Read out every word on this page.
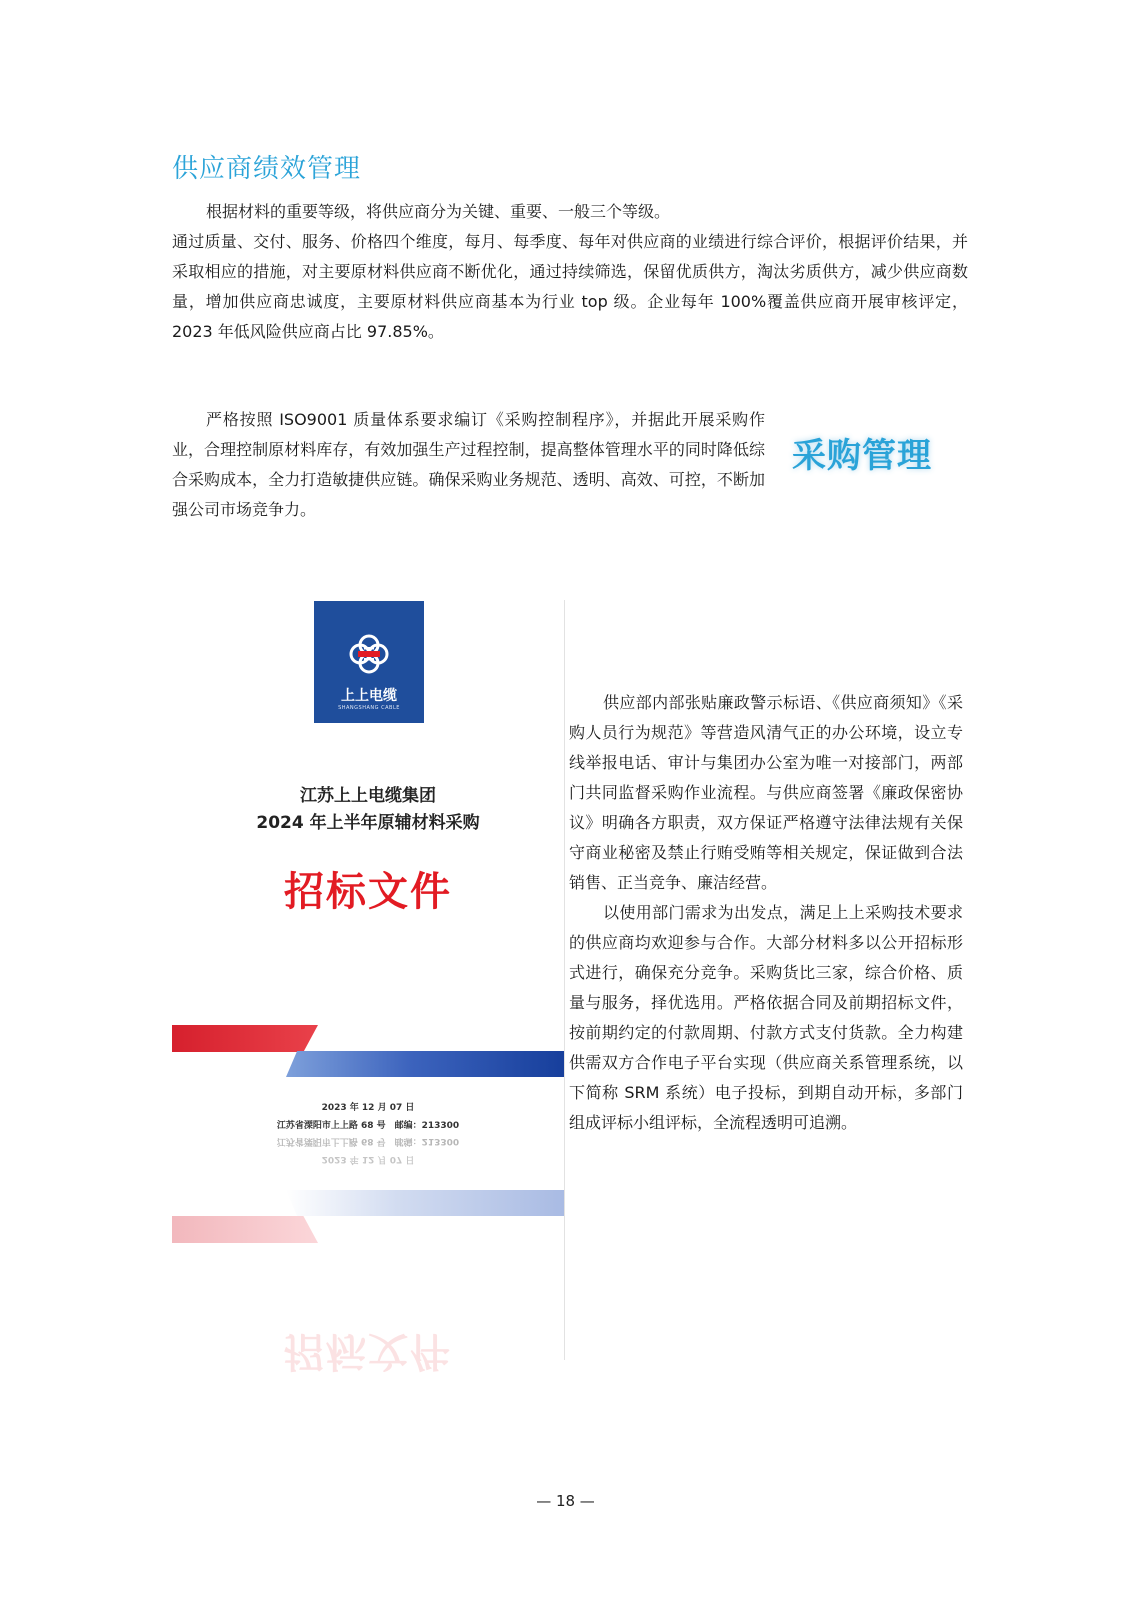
供应商绩效管理

根据材料的重要等级，将供应商分为关键、重要、一般三个等级。

通过质量、交付、服务、价格四个维度，每月、每季度、每年对供应商的业绩进行综合评价，根据评价结果，并采取相应的措施，对主要原材料供应商不断优化，通过持续筛选，保留优质供方，淘汰劣质供方，减少供应商数量，增加供应商忠诚度，主要原材料供应商基本为行业 top 级。企业每年 100%覆盖供应商开展审核评定，2023 年低风险供应商占比 97.85%。

严格按照 ISO9001 质量体系要求编订《采购控制程序》，并据此开展采购作业，合理控制原材料库存，有效加强生产过程控制，提高整体管理水平的同时降低综合采购成本，全力打造敏捷供应链。确保采购业务规范、透明、高效、可控，不断加强公司市场竞争力。

采购管理
上上电缆
SHANGSHANG CABLE

江苏上上电缆集团

2024 年上半年原辅材料采购

招标文件

2023 年 12 月 07 日

江苏省溧阳市上上路 68 号　邮编：213300

江苏省溧阳市上上路 68 号　邮编：213300
2023 年 12 月 07 日
招标文件

供应部内部张贴廉政警示标语、《供应商须知》《采购人员行为规范》等营造风清气正的办公环境，设立专线举报电话、审计与集团办公室为唯一对接部门，两部门共同监督采购作业流程。与供应商签署《廉政保密协议》明确各方职责，双方保证严格遵守法律法规有关保守商业秘密及禁止行贿受贿等相关规定，保证做到合法销售、正当竞争、廉洁经营。

以使用部门需求为出发点，满足上上采购技术要求的供应商均欢迎参与合作。大部分材料多以公开招标形式进行，确保充分竞争。采购货比三家，综合价格、质量与服务，择优选用。严格依据合同及前期招标文件，按前期约定的付款周期、付款方式支付货款。全力构建供需双方合作电子平台实现（供应商关系管理系统，以下简称 SRM 系统）电子投标，到期自动开标，多部门组成评标小组评标，全流程透明可追溯。

— 18 —
